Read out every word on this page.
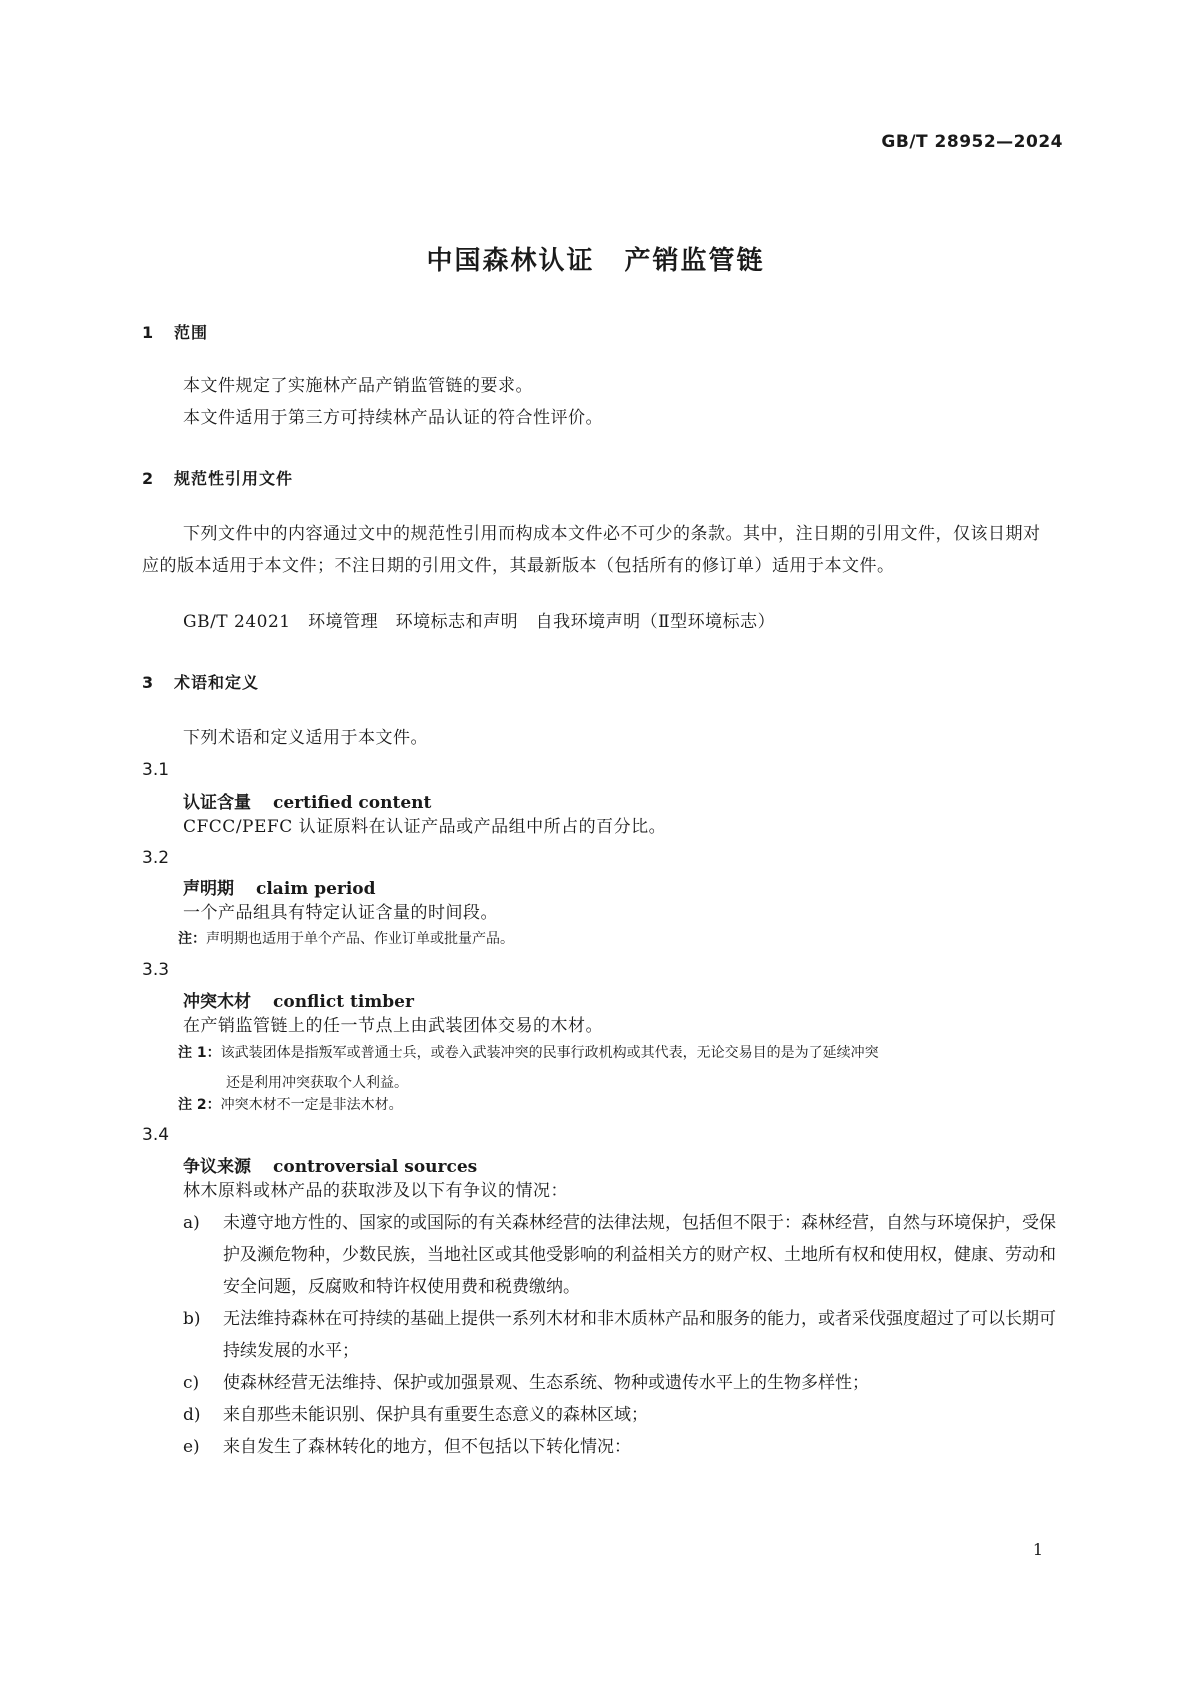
GB/T 28952—2024
中国森林认证 产销监管链
1 范围
本文件规定了实施林产品产销监管链的要求。
本文件适用于第三方可持续林产品认证的符合性评价。
2 规范性引用文件
下列文件中的内容通过文中的规范性引用而构成本文件必不可少的条款。其中，注日期的引用文件，仅该日期对应的版本适用于本文件；不注日期的引用文件，其最新版本（包括所有的修订单）适用于本文件。
GB/T 24021　环境管理　环境标志和声明　自我环境声明（Ⅱ型环境标志）
3 术语和定义
下列术语和定义适用于本文件。
3.1
认证含量 certified content
CFCC/PEFC 认证原料在认证产品或产品组中所占的百分比。
3.2
声明期 claim period
一个产品组具有特定认证含量的时间段。
注：声明期也适用于单个产品、作业订单或批量产品。
3.3
冲突木材 conflict timber
在产销监管链上的任一节点上由武装团体交易的木材。
注 1：该武装团体是指叛军或普通士兵，或卷入武装冲突的民事行政机构或其代表，无论交易目的是为了延续冲突
还是利用冲突获取个人利益。
注 2：冲突木材不一定是非法木材。
3.4
争议来源 controversial sources
林木原料或林产品的获取涉及以下有争议的情况：
a) 未遵守地方性的、国家的或国际的有关森林经营的法律法规，包括但不限于：森林经营，自然与环境保护，受保护及濒危物种，少数民族，当地社区或其他受影响的利益相关方的财产权、土地所有权和使用权，健康、劳动和安全问题，反腐败和特许权使用费和税费缴纳。
b) 无法维持森林在可持续的基础上提供一系列木材和非木质林产品和服务的能力，或者采伐强度超过了可以长期可持续发展的水平；
c) 使森林经营无法维持、保护或加强景观、生态系统、物种或遗传水平上的生物多样性；
d) 来自那些未能识别、保护具有重要生态意义的森林区域；
e) 来自发生了森林转化的地方，但不包括以下转化情况：
1
